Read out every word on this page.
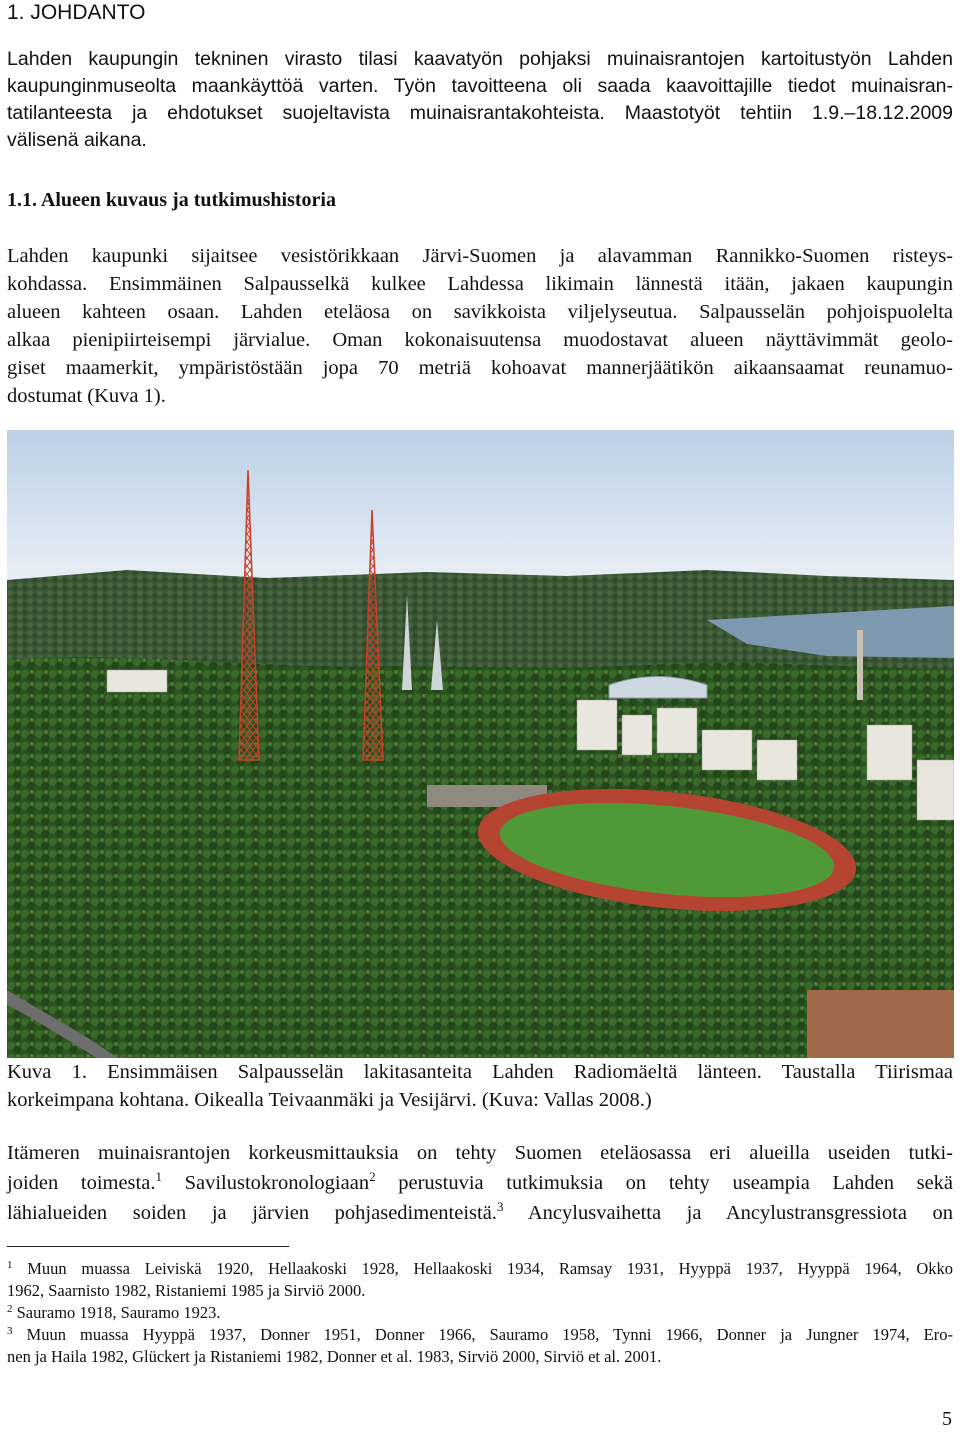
1. JOHDANTO
Lahden kaupungin tekninen virasto tilasi kaavatyön pohjaksi muinaisrantojen kartoitustyön Lahden
kaupunginmuseolta maankäyttöä varten. Työn tavoitteena oli saada kaavoittajille tiedot muinaisran-
tatilanteesta ja ehdotukset suojeltavista muinaisrantakohteista. Maastotyöt tehtiin 1.9.–18.12.2009
välisenä aikana.
1.1. Alueen kuvaus ja tutkimushistoria
Lahden kaupunki sijaitsee vesistörikkaan Järvi-Suomen ja alavamman Rannikko-Suomen risteys-
kohdassa. Ensimmäinen Salpausselkä kulkee Lahdessa likimain lännestä itään, jakaen kaupungin
alueen kahteen osaan. Lahden eteläosa on savikkoista viljelyseutua. Salpausselän pohjoispuolelta
alkaa pienipiirteisempi järvialue. Oman kokonaisuutensa muodostavat alueen näyttävimmät geolo-
giset maamerkit, ympäristöstään jopa 70 metriä kohoavat mannerjäätikön aikaansaamat reunamuo-
dostumat (Kuva 1).
Kuva 1. Ensimmäisen Salpausselän lakitasanteita Lahden Radiomäeltä länteen. Taustalla Tiirismaa
korkeimpana kohtana. Oikealla Teivaanmäki ja Vesijärvi. (Kuva: Vallas 2008.)
Itämeren muinaisrantojen korkeusmittauksia on tehty Suomen eteläosassa eri alueilla useiden tutki-
joiden toimesta.$^1$ Savilustokronologiaan$^2$ perustuvia tutkimuksia on tehty useampia Lahden sekä
lähialueiden soiden ja järvien pohjasedimenteistä.$^3$ Ancylusvaihetta ja Ancylustransgressiota on
$^1$ Muun muassa Leiviskä 1920, Hellaakoski 1928, Hellaakoski 1934, Ramsay 1931, Hyyppä 1937, Hyyppä 1964, Okko
1962, Saarnisto 1982, Ristaniemi 1985 ja Sirviö 2000.
$^2$ Sauramo 1918, Sauramo 1923.
$^3$ Muun muassa Hyyppä 1937, Donner 1951, Donner 1966, Sauramo 1958, Tynni 1966, Donner ja Jungner 1974, Ero-
nen ja Haila 1982, Glückert ja Ristaniemi 1982, Donner et al. 1983, Sirviö 2000, Sirviö et al. 2001.
5
